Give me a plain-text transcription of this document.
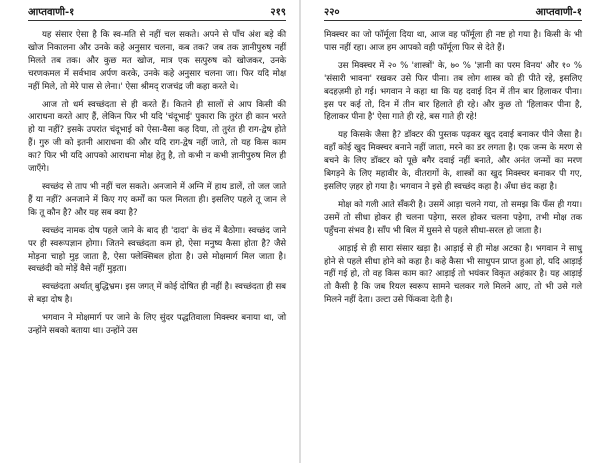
आप्तवाणी-१	२१९

यह संसार ऐसा है कि स्व-मति से नहीं चल सकते। अपने से पाँच अंश बड़े की खोज निकालना और उनके कहे अनुसार चलना, कब तक? जब तक ज्ञानीपुरुष नहीं मिलते तब तक। और कुछ मत खोज, मात्र एक सत्पुरुष को खोजकर, उनके चरणकमल में सर्वभाव अर्पण करके, उनके कहे अनुसार चलना जा। फिर यदि मोक्ष नहीं मिले, तो मेरे पास से लेना।' ऐसा श्रीमद् राजचंद्र जी कहा करते थे।

आज तो धर्म स्वच्छंदता से ही करते हैं। कितने ही सालों से आप किसी की आराधना करते आए हैं, लेकिन फिर भी यदि 'चंदूभाई' पुकारा कि तुरंत ही कान भरते हो या नहीं? इसके उपरांत चंदूभाई को ऐसा-वैसा कह दिया, तो तुरंत ही राग-द्वेष होते हैं। गुरु जी को इतनी आराधना की और यदि राग-द्वेष नहीं जाते, तो यह किस काम का? फिर भी यदि आपको आराधना मोक्ष हेतु है, तो कभी न कभी ज्ञानीपुरुष मिल ही जाएँगे।

स्वच्छंद से ताप भी नहीं चल सकते। अनजाने में अग्नि में हाथ डालें, तो जल जाते हैं या नहीं? अनजाने में किए गए कर्मों का फल मिलता ही। इसलिए पहले तू जान ले कि तू कौन है? और यह सब क्या है?

स्वच्छंद नामक दोष पहले जाने के बाद ही 'दादा' के छंद में बैठोगा। स्वच्छंद जाने पर ही स्वरूपज्ञान होगा। जितने स्वच्छंदता कम हो, ऐसा मनुष्य कैसा होता है? जैसे मोड़ना चाहो मुड़ जाता है, ऐसा फ्लेक्सिबल होता है। उसे मोक्षमार्ग मिल जाता है। स्वच्छंदी को मोड़ें वैसे नहीं मुड़ता।

स्वच्छंदता अर्थात् बुद्धिभ्रम। इस जगत् में कोई दोषित ही नहीं है। स्वच्छंदता ही सब से बड़ा दोष है।

भगवान ने मोक्षमार्ग पर जाने के लिए सुंदर पद्धतिवाला मिक्स्चर बनाया था, जो उन्होंने सबको बताया था। उन्होंने उस

२२०	आप्तवाणी-१

मिक्स्चर का जो फॉर्मूला दिया था, आज वह फॉर्मूला ही नष्ट हो गया है। किसी के भी पास नहीं रहा। आज हम आपको वही फॉर्मूला फिर से देते हैं।

उस मिक्स्चर में २० % 'शास्त्रों' के, ७० % 'ज्ञानी का परम विनय' और १० % 'संसारी भावना' रखकर उसे फिर पीना। तब लोग शास्त्र को ही पीते रहे, इसलिए बदहज़मी हो गई। भगवान ने कहा था कि यह दवाई दिन में तीन बार हिलाकर पीना। इस पर कई तो, दिन में तीन बार हिलाते ही रहे। और कुछ तो 'हिलाकर पीना है, हिलाकर पीना है' ऐसा गाते ही रहे, बस गाते ही रहे!

यह किसके जैसा है? डॉक्टर की पुस्तक पढ़कर खुद दवाई बनाकर पीने जैसा है। वहाँ कोई खुद मिक्स्चर बनाने नहीं जाता, मरने का डर लगता है। एक जन्म के मरण से बचने के लिए डॉक्टर को पूछे बगैर दवाई नहीं बनाते, और अनंत जन्मों का मरण बिगड़ने के लिए महावीर के, वीतरागों के, शास्त्रों का खुद मिक्स्चर बनाकर पी गए, इसलिए ज़हर हो गया है। भगवान ने इसे ही स्वच्छंद कहा है। अँधा छंद कहा है।

मोक्ष को गली आते सँकरी है। उसमें आड़ा चलने गया, तो समझ कि फँस ही गया। उसमें तो सीधा होकर ही चलना पड़ेगा, सरल होकर चलना पड़ेगा, तभी मोक्ष तक पहुँचना संभव है। साँप भी बिल में घुसने से पहले सीधा-सरल हो जाता है।

आड़ाई से ही सारा संसार खड़ा है। आड़ाई से ही मोक्ष अटका है। भगवान ने साधु होने से पहले सीधा होने को कहा है। कहे कैसा भी साधुपन प्राप्त हुआ हो, यदि आड़ाई नहीं गई हो, तो वह किस काम का? आड़ाई तो भयंकर विकृत अहंकार है। यह आड़ाई तो कैसी है कि जब रियल स्वरूप सामने चलकर गले मिलने आए, तो भी उसे गले मिलने नहीं देता। उल्टा उसे फिंकवा देती है।
